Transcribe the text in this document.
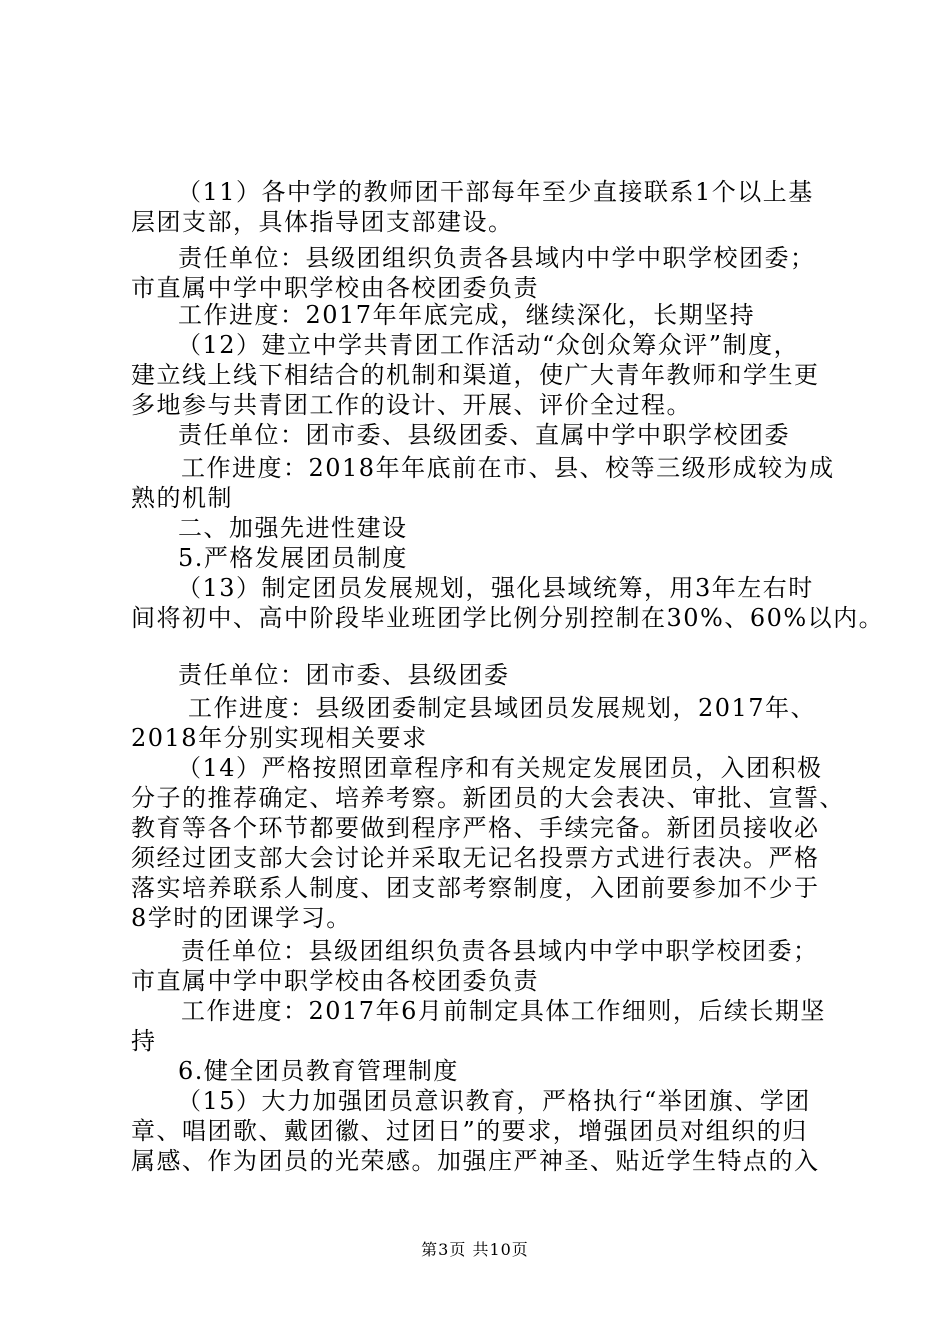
（11）各中学的教师团干部每年至少直接联系1个以上基
层团支部，具体指导团支部建设。
责任单位：县级团组织负责各县域内中学中职学校团委；
市直属中学中职学校由各校团委负责
工作进度：2017年年底完成，继续深化，长期坚持
（12）建立中学共青团工作活动“众创众筹众评”制度，
建立线上线下相结合的机制和渠道，使广大青年教师和学生更
多地参与共青团工作的设计、开展、评价全过程。
责任单位：团市委、县级团委、直属中学中职学校团委
工作进度：2018年年底前在市、县、校等三级形成较为成
熟的机制
二、加强先进性建设
5.严格发展团员制度
（13）制定团员发展规划，强化县域统筹，用3年左右时
间将初中、高中阶段毕业班团学比例分别控制在30%、60%以内。
责任单位：团市委、县级团委
工作进度：县级团委制定县域团员发展规划，2017年、
2018年分别实现相关要求
（14）严格按照团章程序和有关规定发展团员，入团积极
分子的推荐确定、培养考察。新团员的大会表决、审批、宣誓、
教育等各个环节都要做到程序严格、手续完备。新团员接收必
须经过团支部大会讨论并采取无记名投票方式进行表决。严格
落实培养联系人制度、团支部考察制度，入团前要参加不少于
8学时的团课学习。
责任单位：县级团组织负责各县域内中学中职学校团委；
市直属中学中职学校由各校团委负责
工作进度：2017年6月前制定具体工作细则，后续长期坚
持
6.健全团员教育管理制度
（15）大力加强团员意识教育，严格执行“举团旗、学团
章、唱团歌、戴团徽、过团日”的要求，增强团员对组织的归
属感、作为团员的光荣感。加强庄严神圣、贴近学生特点的入
第3页 共10页
